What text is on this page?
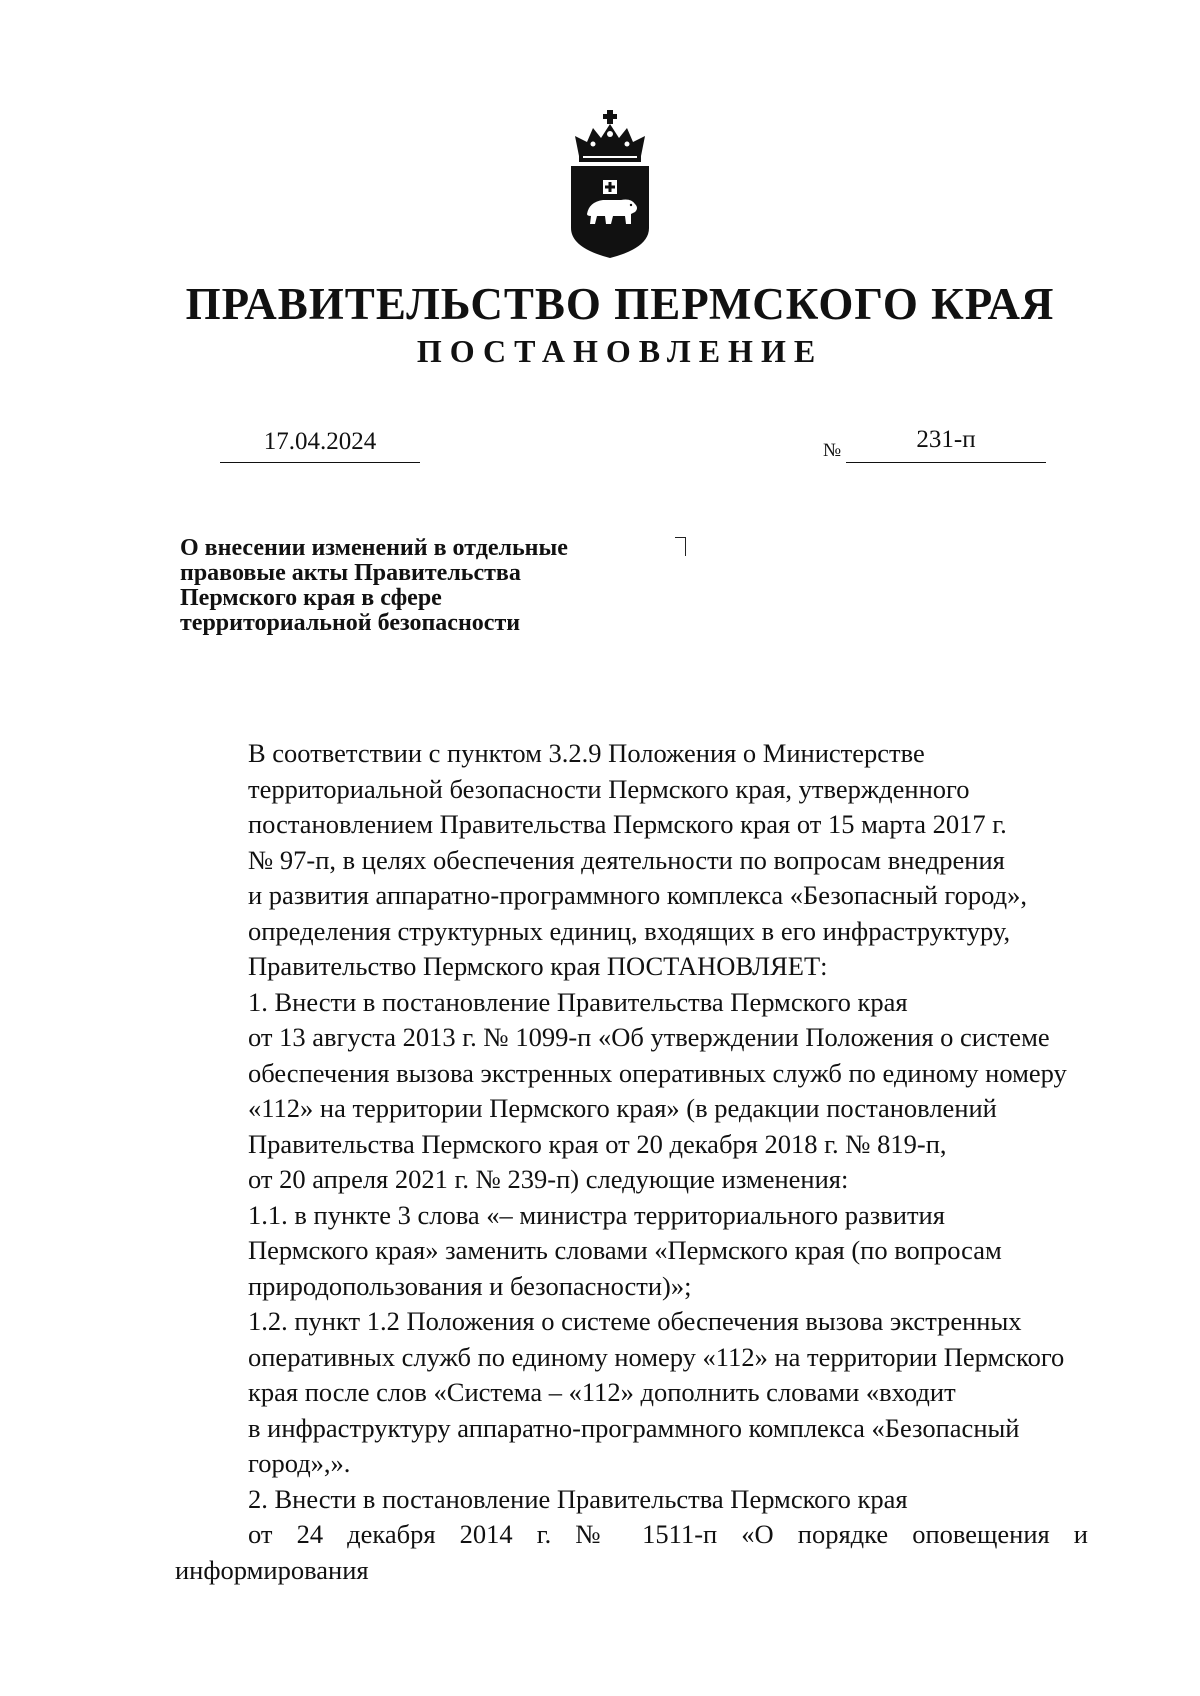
ПРАВИТЕЛЬСТВО ПЕРМСКОГО КРАЯ
ПОСТАНОВЛЕНИЕ
17.04.2024	№	231-п
О внесении изменений в отдельные
правовые акты Правительства
Пермского края в сфере
территориальной безопасности

В соответствии с пунктом 3.2.9 Положения о Министерстве
территориальной безопасности Пермского края, утвержденного
постановлением Правительства Пермского края от 15 марта 2017 г.
№ 97-п, в целях обеспечения деятельности по вопросам внедрения
и развития аппаратно-программного комплекса «Безопасный город»,
определения структурных единиц, входящих в его инфраструктуру,

Правительство Пермского края ПОСТАНОВЛЯЕТ:

1. Внести в постановление Правительства Пермского края
от 13 августа 2013 г. № 1099-п «Об утверждении Положения о системе
обеспечения вызова экстренных оперативных служб по единому номеру
«112» на территории Пермского края» (в редакции постановлений
Правительства Пермского края от 20 декабря 2018 г. № 819-п,
от 20 апреля 2021 г. № 239-п) следующие изменения:

1.1. в пункте 3 слова «– министра территориального развития
Пермского края» заменить словами «Пермского края (по вопросам
природопользования и безопасности)»;

1.2. пункт 1.2 Положения о системе обеспечения вызова экстренных
оперативных служб по единому номеру «112» на территории Пермского
края после слов «Система – «112» дополнить словами «входит
в инфраструктуру аппаратно-программного комплекса «Безопасный
город»,».

2. Внести в постановление Правительства Пермского края
от 24 декабря 2014 г. № 1511-п «О порядке оповещения и информирования
